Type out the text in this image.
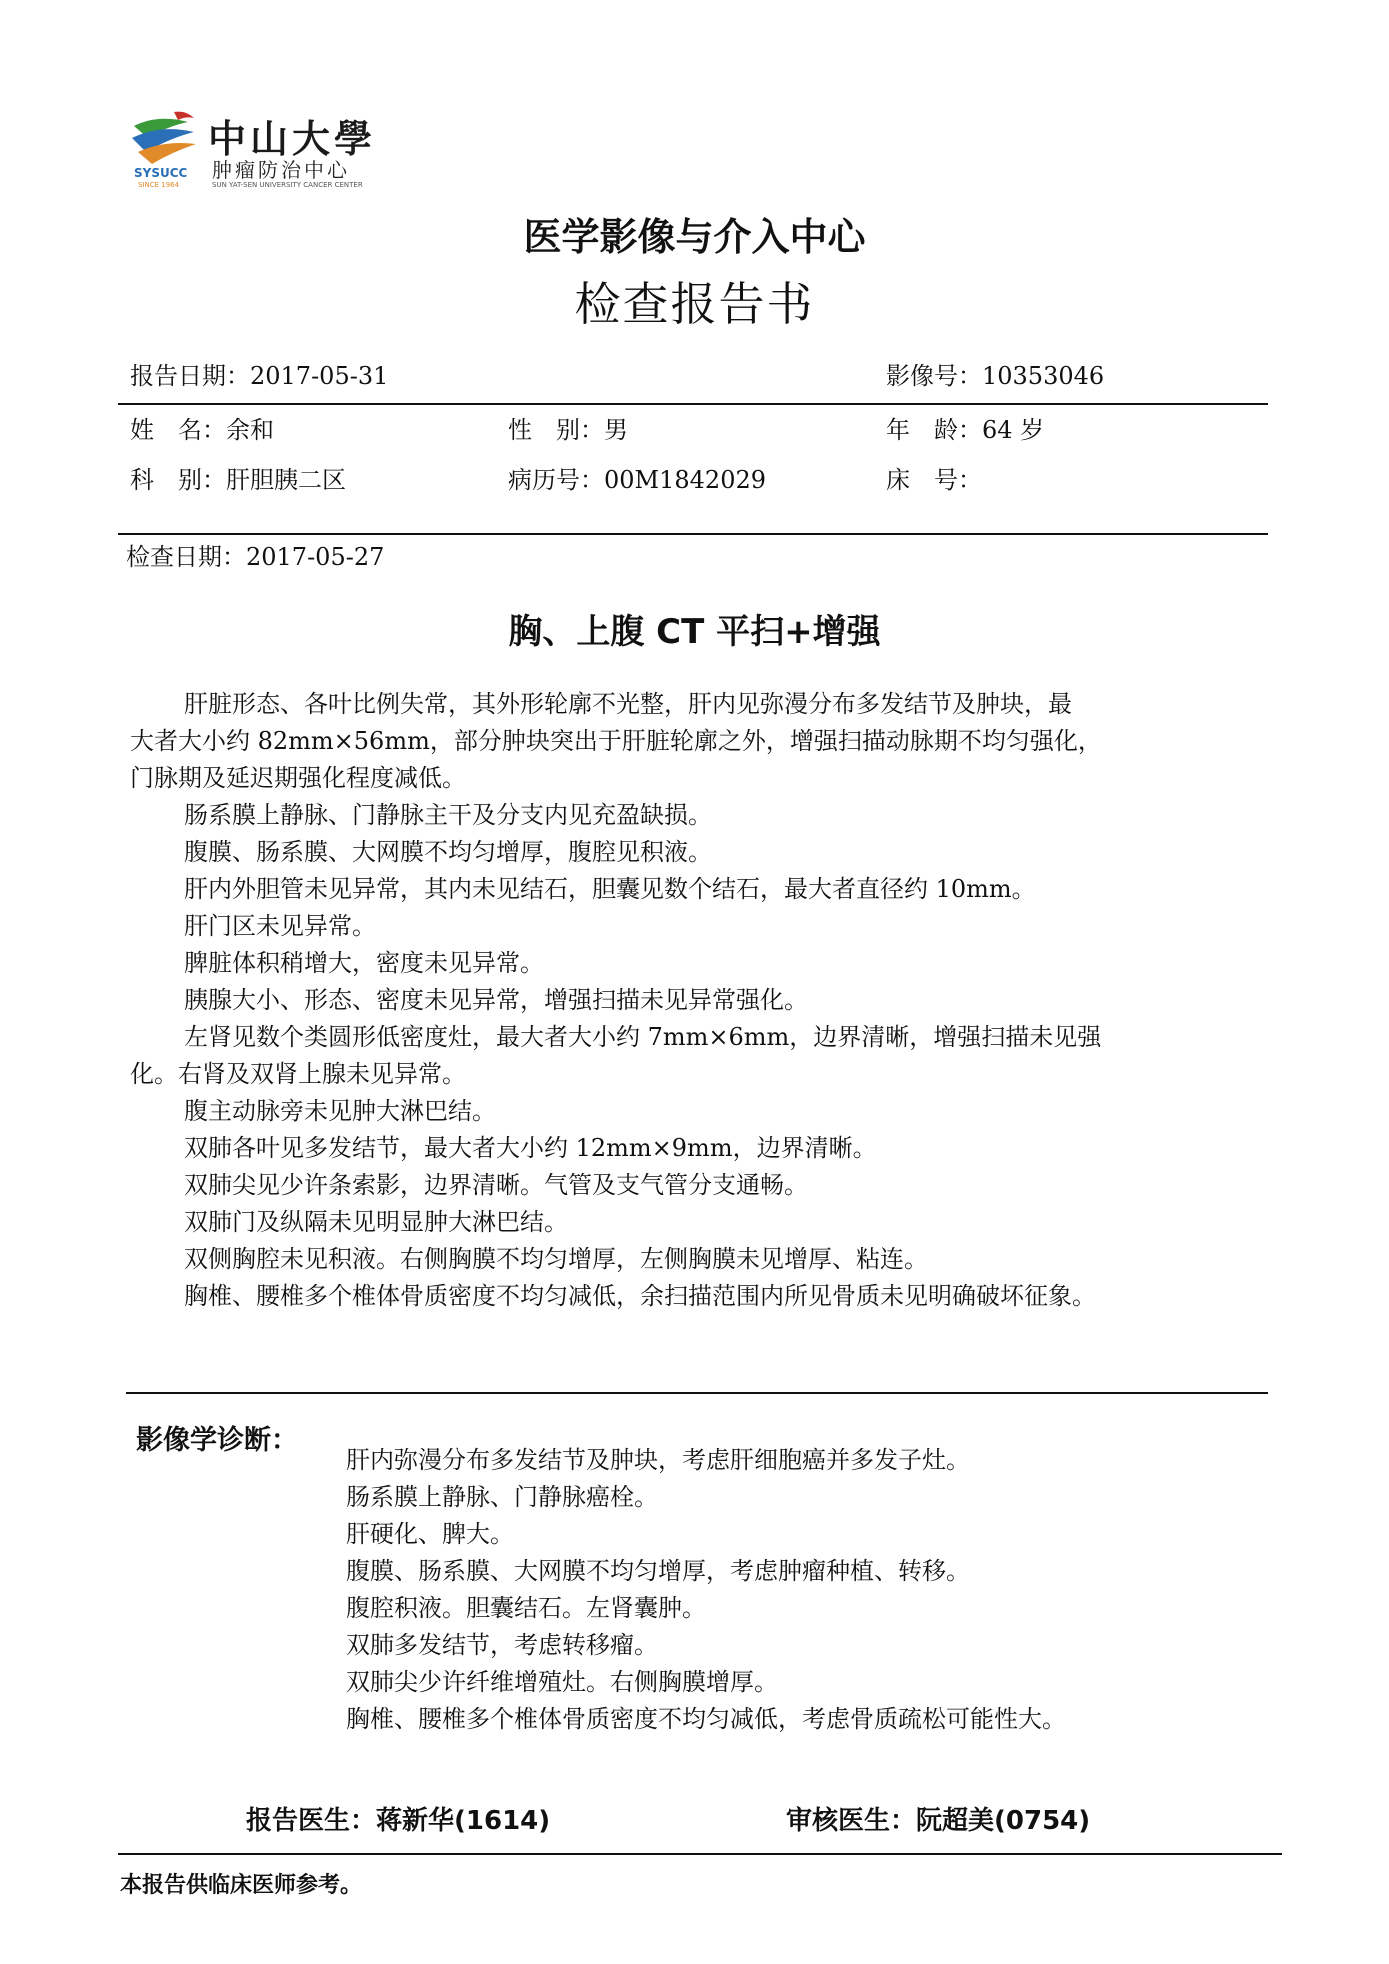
中山大學
肿瘤防治中心
SUN YAT-SEN UNIVERSITY CANCER CENTER
SYSUCC
SINCE 1964
医学影像与介入中心
检查报告书
报告日期：2017-05-31	影像号：10353046
姓　名：余和	性　别：男	年　龄：64 岁
科　别：肝胆胰二区	病历号：00M1842029	床　号：
检查日期：2017-05-27
胸、上腹 CT 平扫+增强
肝脏形态、各叶比例失常，其外形轮廓不光整，肝内见弥漫分布多发结节及肿块，最
大者大小约 82mm×56mm，部分肿块突出于肝脏轮廓之外，增强扫描动脉期不均匀强化，
门脉期及延迟期强化程度减低。
肠系膜上静脉、门静脉主干及分支内见充盈缺损。
腹膜、肠系膜、大网膜不均匀增厚，腹腔见积液。
肝内外胆管未见异常，其内未见结石，胆囊见数个结石，最大者直径约 10mm。
肝门区未见异常。
脾脏体积稍增大，密度未见异常。
胰腺大小、形态、密度未见异常，增强扫描未见异常强化。
左肾见数个类圆形低密度灶，最大者大小约 7mm×6mm，边界清晰，增强扫描未见强
化。右肾及双肾上腺未见异常。
腹主动脉旁未见肿大淋巴结。
双肺各叶见多发结节，最大者大小约 12mm×9mm，边界清晰。
双肺尖见少许条索影，边界清晰。气管及支气管分支通畅。
双肺门及纵隔未见明显肿大淋巴结。
双侧胸腔未见积液。右侧胸膜不均匀增厚，左侧胸膜未见增厚、粘连。
胸椎、腰椎多个椎体骨质密度不均匀减低，余扫描范围内所见骨质未见明确破坏征象。
影像学诊断：
肝内弥漫分布多发结节及肿块，考虑肝细胞癌并多发子灶。
肠系膜上静脉、门静脉癌栓。
肝硬化、脾大。
腹膜、肠系膜、大网膜不均匀增厚，考虑肿瘤种植、转移。
腹腔积液。胆囊结石。左肾囊肿。
双肺多发结节，考虑转移瘤。
双肺尖少许纤维增殖灶。右侧胸膜增厚。
胸椎、腰椎多个椎体骨质密度不均匀减低，考虑骨质疏松可能性大。
报告医生：蒋新华(1614)	审核医生：阮超美(0754)
本报告供临床医师参考。
